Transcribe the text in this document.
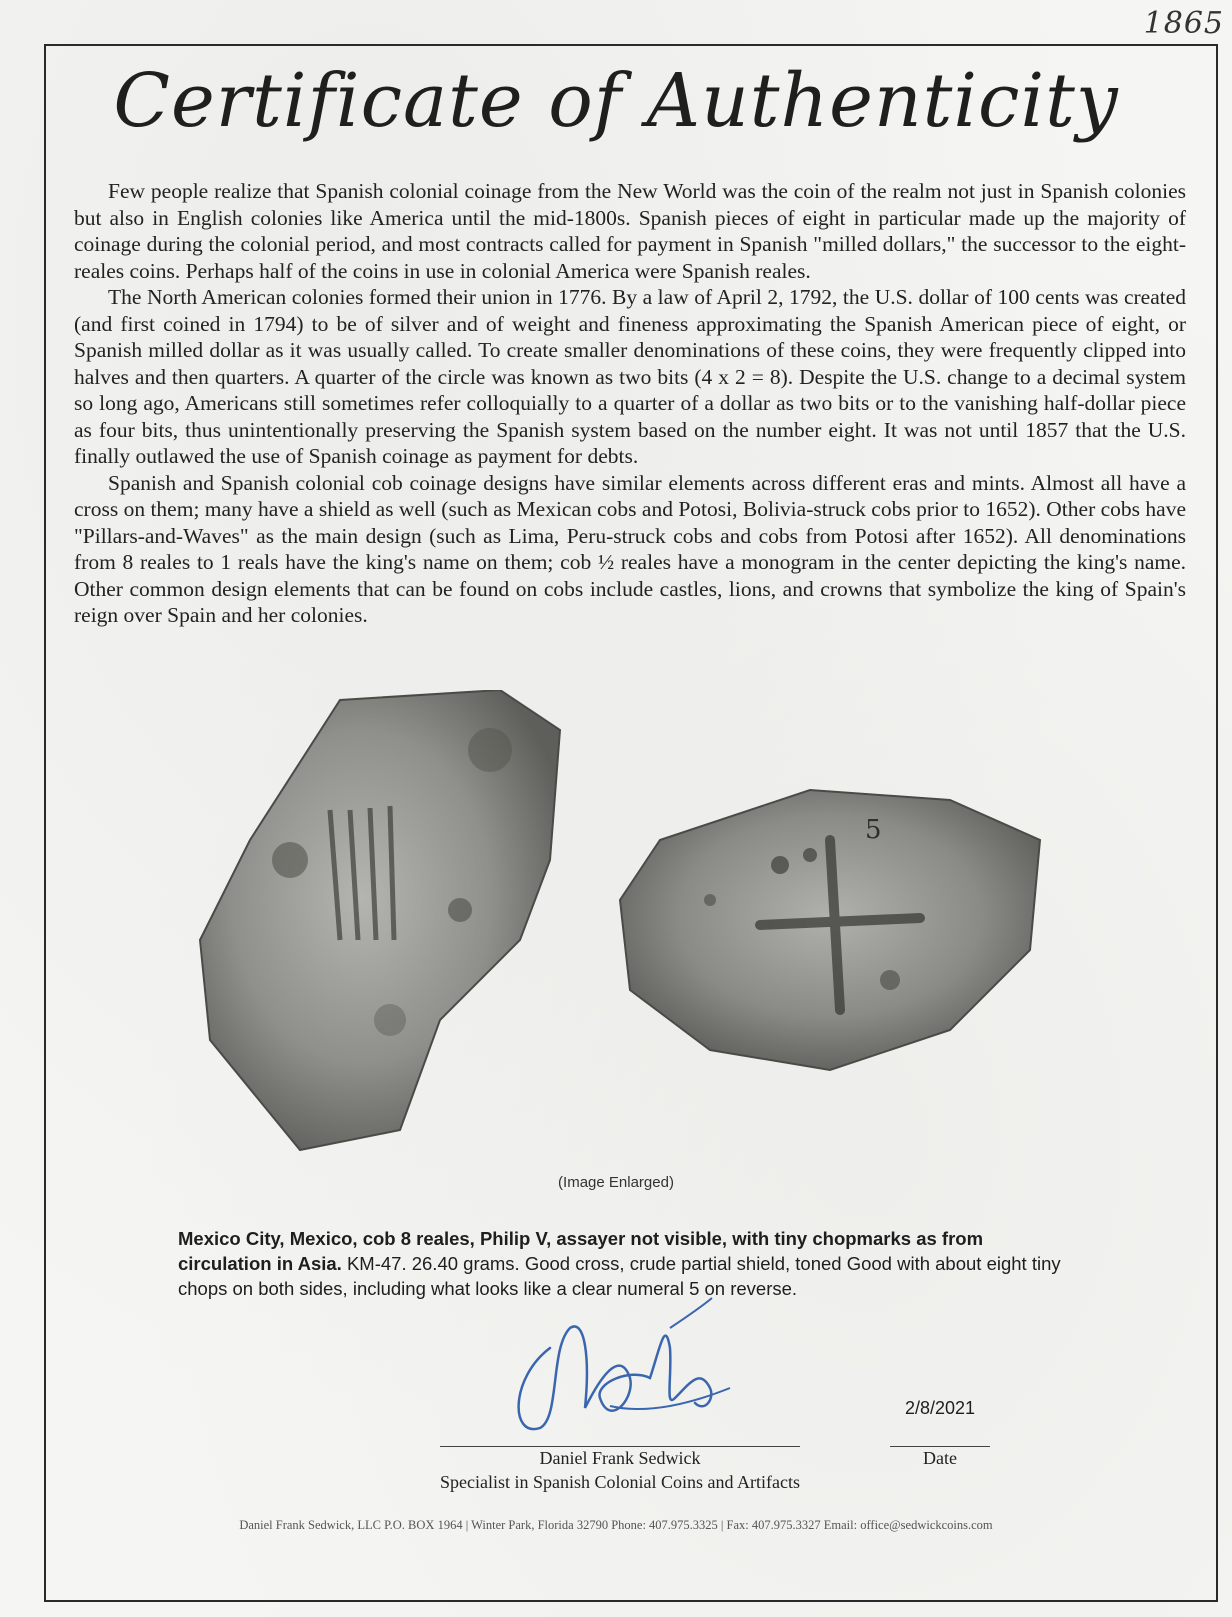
1865
Certificate of Authenticity

Few people realize that Spanish colonial coinage from the New World was the coin of the realm not just in Spanish colonies but also in English colonies like America until the mid-1800s. Spanish pieces of eight in particular made up the majority of coinage during the colonial period, and most contracts called for payment in Spanish "milled dollars," the successor to the eight-reales coins. Perhaps half of the coins in use in colonial America were Spanish reales.

The North American colonies formed their union in 1776. By a law of April 2, 1792, the U.S. dollar of 100 cents was created (and first coined in 1794) to be of silver and of weight and fineness approximating the Spanish American piece of eight, or Spanish milled dollar as it was usually called. To create smaller denominations of these coins, they were frequently clipped into halves and then quarters. A quarter of the circle was known as two bits (4 x 2 = 8). Despite the U.S. change to a decimal system so long ago, Americans still sometimes refer colloquially to a quarter of a dollar as two bits or to the vanishing half-dollar piece as four bits, thus unintentionally preserving the Spanish system based on the number eight. It was not until 1857 that the U.S. finally outlawed the use of Spanish coinage as payment for debts.

Spanish and Spanish colonial cob coinage designs have similar elements across different eras and mints. Almost all have a cross on them; many have a shield as well (such as Mexican cobs and Potosi, Bolivia-struck cobs prior to 1652). Other cobs have "Pillars-and-Waves" as the main design (such as Lima, Peru-struck cobs and cobs from Potosi after 1652). All denominations from 8 reales to 1 reals have the king's name on them; cob ½ reales have a monogram in the center depicting the king's name. Other common design elements that can be found on cobs include castles, lions, and crowns that symbolize the king of Spain's reign over Spain and her colonies.

5
(Image Enlarged)
Mexico City, Mexico, cob 8 reales, Philip V, assayer not visible, with tiny chopmarks as from circulation in Asia. KM-47. 26.40 grams. Good cross, crude partial shield, toned Good with about eight tiny chops on both sides, including what looks like a clear numeral 5 on reverse.
2/8/2021
Daniel Frank Sedwick	Date
Specialist in Spanish Colonial Coins and Artifacts
Daniel Frank Sedwick, LLC P.O. BOX 1964 | Winter Park, Florida 32790 Phone: 407.975.3325 | Fax: 407.975.3327 Email: office@sedwickcoins.com
